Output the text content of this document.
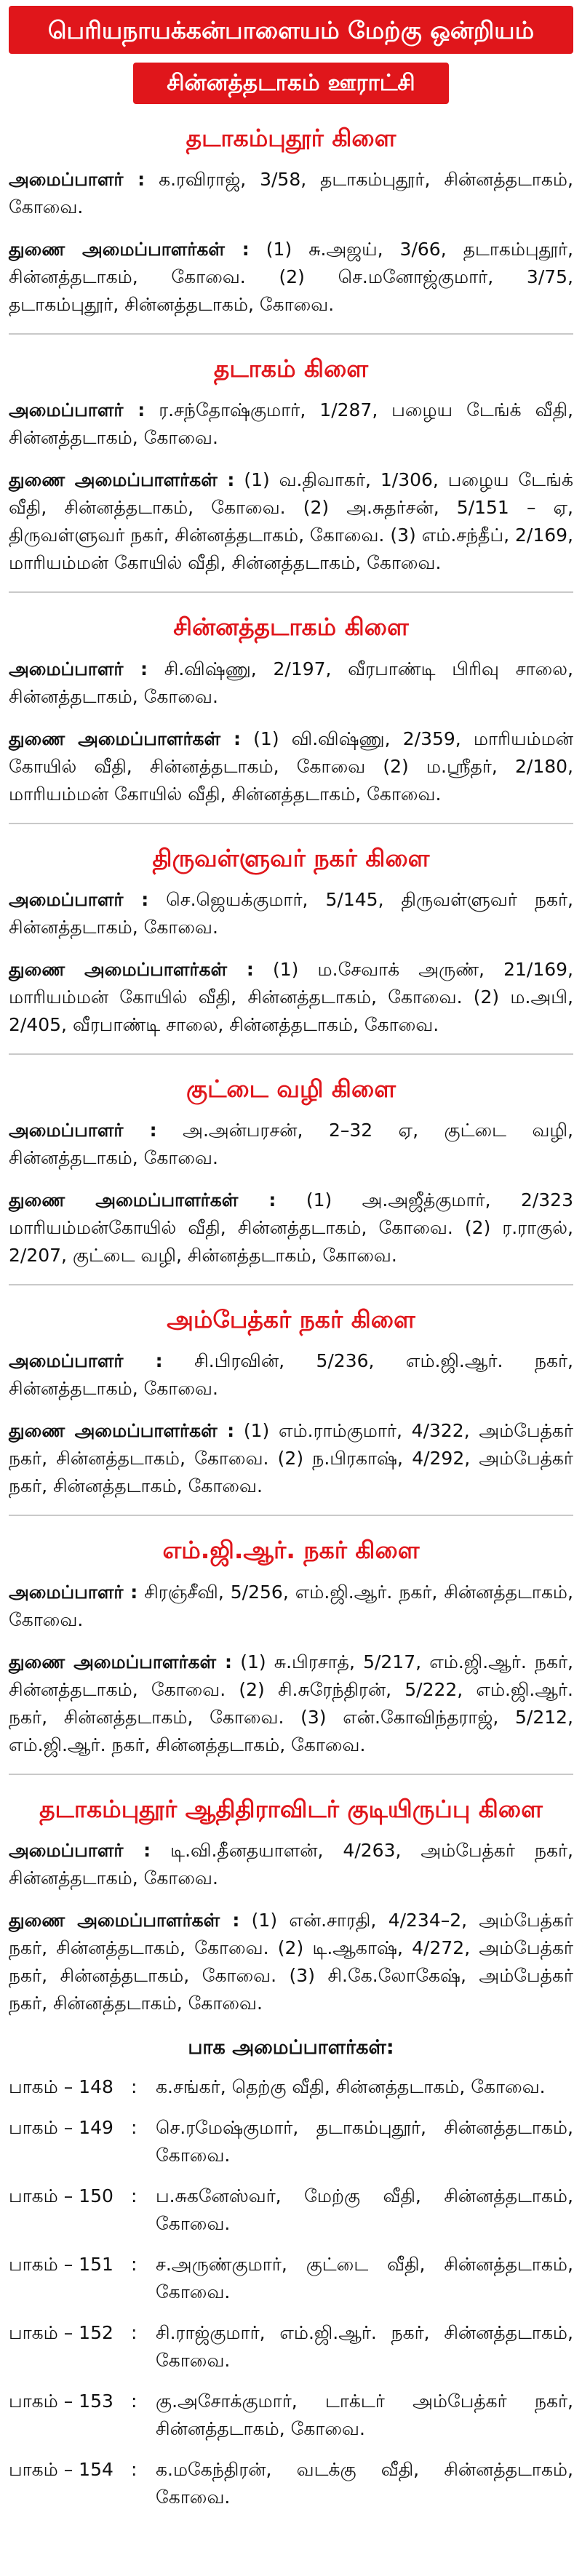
பெரியநாயக்கன்பாளையம் மேற்கு ஒன்றியம்
சின்னத்தடாகம் ஊராட்சி
தடாகம்புதூர் கிளை

அமைப்பாளர் : க.ரவிராஜ், 3/58, தடாகம்புதூர், சின்னத்தடாகம், கோவை.

துணை அமைப்பாளர்கள் : (1) சு.அஜய், 3/66, தடாகம்புதூர், சின்னத்தடாகம், கோவை. (2) செ.மனோஜ்குமார், 3/75, தடாகம்புதூர், சின்னத்தடாகம், கோவை.

தடாகம் கிளை

அமைப்பாளர் : ர.சந்தோஷ்குமார், 1/287, பழைய டேங்க் வீதி, சின்னத்தடாகம், கோவை.

துணை அமைப்பாளர்கள் : (1) வ.திவாகர், 1/306, பழைய டேங்க் வீதி, சின்னத்தடாகம், கோவை. (2) அ.சுதர்சன், 5/151 – ஏ, திருவள்ளுவர் நகர், சின்னத்தடாகம், கோவை. (3) எம்.சந்தீப், 2/169, மாரியம்மன் கோயில் வீதி, சின்னத்தடாகம், கோவை.

சின்னத்தடாகம் கிளை

அமைப்பாளர் : சி.விஷ்ணு, 2/197, வீரபாண்டி பிரிவு சாலை, சின்னத்தடாகம், கோவை.

துணை அமைப்பாளர்கள் : (1) வி.விஷ்ணு, 2/359, மாரியம்மன் கோயில் வீதி, சின்னத்தடாகம், கோவை (2) ம.ஸ்ரீதர், 2/180, மாரியம்மன் கோயில் வீதி, சின்னத்தடாகம், கோவை.

திருவள்ளுவர் நகர் கிளை

அமைப்பாளர் : செ.ஜெயக்குமார், 5/145, திருவள்ளுவர் நகர், சின்னத்தடாகம், கோவை.

துணை அமைப்பாளர்கள் : (1) ம.சேவாக் அருண், 21/169, மாரியம்மன் கோயில் வீதி, சின்னத்தடாகம், கோவை. (2) ம.அபி, 2/405, வீரபாண்டி சாலை, சின்னத்தடாகம், கோவை.

குட்டை வழி கிளை

அமைப்பாளர் : அ.அன்பரசன், 2–32 ஏ, குட்டை வழி, சின்னத்தடாகம், கோவை.

துணை அமைப்பாளர்கள் : (1) அ.அஜீத்குமார், 2/323 மாரியம்மன்கோயில் வீதி, சின்னத்தடாகம், கோவை. (2) ர.ராகுல், 2/207, குட்டை வழி, சின்னத்தடாகம், கோவை.

அம்பேத்கர் நகர் கிளை

அமைப்பாளர் : சி.பிரவின், 5/236, எம்.ஜி.ஆர். நகர், சின்னத்தடாகம், கோவை.

துணை அமைப்பாளர்கள் : (1) எம்.ராம்குமார், 4/322, அம்பேத்கர் நகர், சின்னத்தடாகம், கோவை. (2) ந.பிரகாஷ், 4/292, அம்பேத்கர் நகர், சின்னத்தடாகம், கோவை.

எம்.ஜி.ஆர். நகர் கிளை

அமைப்பாளர் : சிரஞ்சீவி, 5/256, எம்.ஜி.ஆர். நகர், சின்னத்தடாகம், கோவை.

துணை அமைப்பாளர்கள் : (1) சு.பிரசாத், 5/217, எம்.ஜி.ஆர். நகர், சின்னத்தடாகம், கோவை. (2) சி.சுரேந்திரன், 5/222, எம்.ஜி.ஆர். நகர், சின்னத்தடாகம், கோவை. (3) என்.கோவிந்தராஜ், 5/212, எம்.ஜி.ஆர். நகர், சின்னத்தடாகம், கோவை.

தடாகம்புதூர் ஆதிதிராவிடர் குடியிருப்பு கிளை

அமைப்பாளர் : டி.வி.தீனதயாளன், 4/263, அம்பேத்கர் நகர், சின்னத்தடாகம், கோவை.

துணை அமைப்பாளர்கள் : (1) என்.சாரதி, 4/234–2, அம்பேத்கர் நகர், சின்னத்தடாகம், கோவை. (2) டி.ஆகாஷ், 4/272, அம்பேத்கர் நகர், சின்னத்தடாகம், கோவை. (3) சி.கே.லோகேஷ், அம்பேத்கர் நகர், சின்னத்தடாகம், கோவை.

பாக அமைப்பாளர்கள்:
பாகம் – 148 :	க.சங்கர், தெற்கு வீதி, சின்னத்தடாகம், கோவை.
பாகம் – 149 :	செ.ரமேஷ்குமார், தடாகம்புதூர், சின்னத்தடாகம், கோவை.
பாகம் – 150 :	ப.சுகனேஸ்வர், மேற்கு வீதி, சின்னத்தடாகம், கோவை.
பாகம் – 151 :	ச.அருண்குமார், குட்டை வீதி, சின்னத்தடாகம், கோவை.
பாகம் – 152 :	சி.ராஜ்குமார், எம்.ஜி.ஆர். நகர், சின்னத்தடாகம், கோவை.
பாகம் – 153 :	கு.அசோக்குமார், டாக்டர் அம்பேத்கர் நகர், சின்னத்தடாகம், கோவை.
பாகம் – 154 :	க.மகேந்திரன், வடக்கு வீதி, சின்னத்தடாகம், கோவை.
